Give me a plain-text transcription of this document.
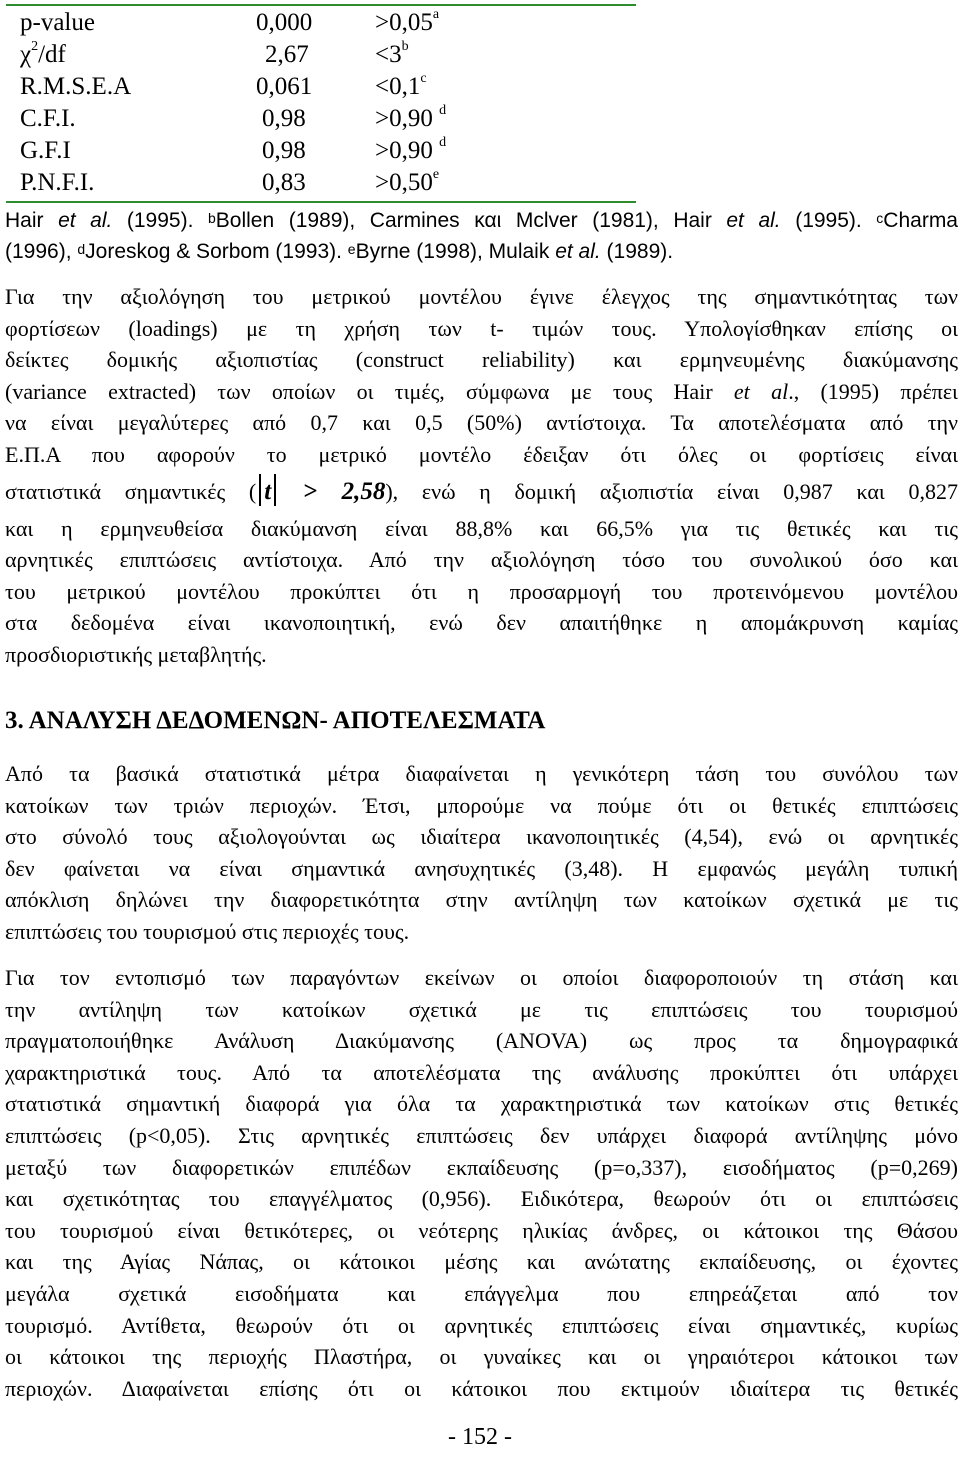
p-value	0,000	>0,05$^a$
$\chi^2/df$	2,67	$<3^b$
R.M.S.E.A	0,061	<0,1$^c$
C.F.I.	0,98	>0,90 $^d$
G.F.I	0,98	>0,90 $^d$
P.N.F.I.	0,83	>0,50$^e$
Hair et al. (1995). $^b$Bollen (1989), Carmines και Mclver (1981), Hair et al. (1995). $^c$Charma
(1996), $^d$Joreskog & Sorbom (1993). $^e$Byrne (1998), Mulaik et al. (1989).
Για την αξιολόγηση του μετρικού μοντέλου έγινε έλεγχος της σημαντικότητας των
φορτίσεων (loadings) με τη χρήση των t- τιμών τους. Υπολογίσθηκαν επίσης οι
δείκτες δομικής αξιοπιστίας (construct reliability) και ερμηνευμένης διακύμανσης
(variance extracted) των οποίων οι τιμές, σύμφωνα με τους Hair et al., (1995) πρέπει
να είναι μεγαλύτερες από 0,7 και 0,5 (50%) αντίστοιχα. Τα αποτελέσματα από την
Ε.Π.Α που αφορούν το μετρικό μοντέλο έδειξαν ότι όλες οι φορτίσεις είναι
στατιστικά σημαντικές ( t > 2,58), ενώ η δομική αξιοπιστία είναι 0,987 και 0,827
και η ερμηνευθείσα διακύμανση είναι 88,8% και 66,5% για τις θετικές και τις
αρνητικές επιπτώσεις αντίστοιχα. Από την αξιολόγηση τόσο του συνολικού όσο και
του μετρικού μοντέλου προκύπτει ότι η προσαρμογή του προτεινόμενου μοντέλου
στα δεδομένα είναι ικανοποιητική, ενώ δεν απαιτήθηκε η απομάκρυνση καμίας
προσδιοριστικής μεταβλητής.
3. ΑΝΑΛΥΣΗ ΔΕΔΟΜΕΝΩΝ- ΑΠΟΤΕΛΕΣΜΑΤΑ
Από τα βασικά στατιστικά μέτρα διαφαίνεται η γενικότερη τάση του συνόλου των
κατοίκων των τριών περιοχών. Έτσι, μπορούμε να πούμε ότι οι θετικές επιπτώσεις
στο σύνολό τους αξιολογούνται ως ιδιαίτερα ικανοποιητικές (4,54), ενώ οι αρνητικές
δεν φαίνεται να είναι σημαντικά ανησυχητικές (3,48). Η εμφανώς μεγάλη τυπική
απόκλιση δηλώνει την διαφορετικότητα στην αντίληψη των κατοίκων σχετικά με τις
επιπτώσεις του τουρισμού στις περιοχές τους.
Για τον εντοπισμό των παραγόντων εκείνων οι οποίοι διαφοροποιούν τη στάση και
την αντίληψη των κατοίκων σχετικά με τις επιπτώσεις του τουρισμού
πραγματοποιήθηκε Ανάλυση Διακύμανσης (ANOVA) ως προς τα δημογραφικά
χαρακτηριστικά τους. Από τα αποτελέσματα της ανάλυσης προκύπτει ότι υπάρχει
στατιστικά σημαντική διαφορά για όλα τα χαρακτηριστικά των κατοίκων στις θετικές
επιπτώσεις (p<0,05). Στις αρνητικές επιπτώσεις δεν υπάρχει διαφορά αντίληψης μόνο
μεταξύ των διαφορετικών επιπέδων εκπαίδευσης (p=o,337), εισοδήματος (p=0,269)
και σχετικότητας του επαγγέλματος (0,956). Ειδικότερα, θεωρούν ότι οι επιπτώσεις
του τουρισμού είναι θετικότερες, οι νεότερης ηλικίας άνδρες, οι κάτοικοι της Θάσου
και της Αγίας Νάπας, οι κάτοικοι μέσης και ανώτατης εκπαίδευσης, οι έχοντες
μεγάλα σχετικά εισοδήματα και επάγγελμα που επηρεάζεται από τον
τουρισμό. Αντίθετα, θεωρούν ότι οι αρνητικές επιπτώσεις είναι σημαντικές, κυρίως
οι κάτοικοι της περιοχής Πλαστήρα, οι γυναίκες και οι γηραιότεροι κάτοικοι των
περιοχών. Διαφαίνεται επίσης ότι οι κάτοικοι που εκτιμούν ιδιαίτερα τις θετικές
- 152 -
